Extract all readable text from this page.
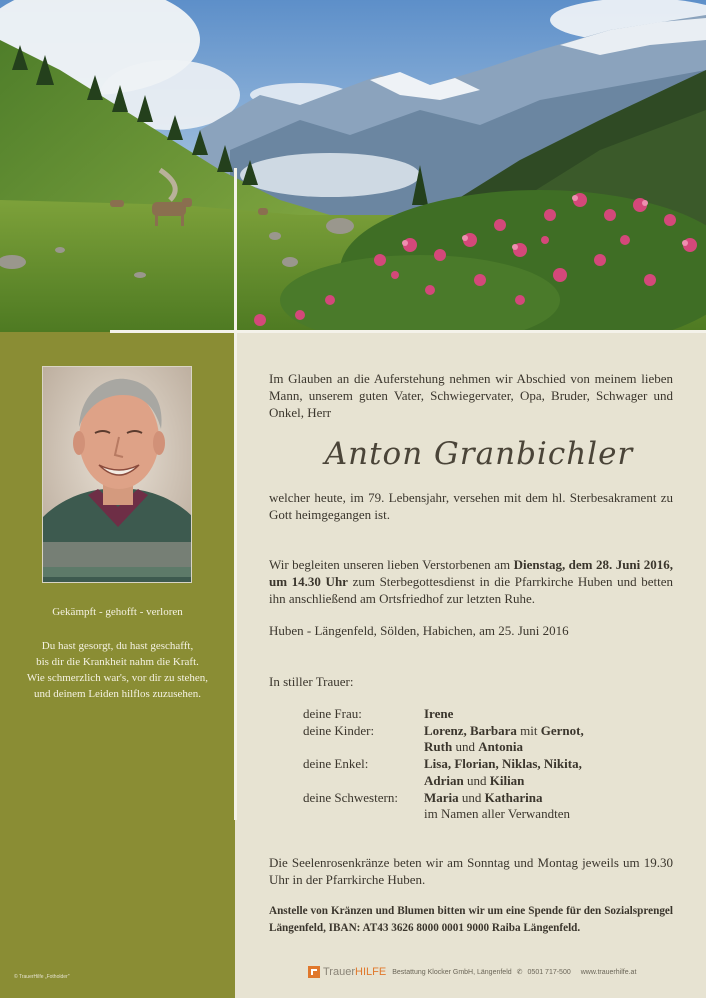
Gekämpft - gehofft - verloren
Du hast gesorgt, du hast geschafft,
bis dir die Krankheit nahm die Kraft.
Wie schmerzlich war's, vor dir zu stehen,
und deinem Leiden hilflos zuzusehen.
© TrauerHilfe „Fotholder"
Im Glauben an die Auferstehung nehmen wir Abschied von meinem lieben Mann, unserem guten Vater, Schwiegervater, Opa, Bruder, Schwager und Onkel, Herr
Anton Granbichler
welcher heute, im 79. Lebensjahr, versehen mit dem hl. Sterbesakrament zu Gott heimgegangen ist.
Wir begleiten unseren lieben Verstorbenen am Dienstag, dem 28. Juni 2016, um 14.30 Uhr zum Sterbegottesdienst in die Pfarrkirche Huben und betten ihn anschließend am Ortsfriedhof zur letzten Ruhe.
Huben - Längenfeld, Sölden, Habichen, am 25. Juni 2016
In stiller Trauer:
deine Frau:	Irene
deine Kinder:	Lorenz, Barbara mit Gernot,
Ruth und Antonia
deine Enkel:	Lisa, Florian, Niklas, Nikita,
Adrian und Kilian
deine Schwestern:	Maria und Katharina
im Namen aller Verwandten
Die Seelenrosenkränze beten wir am Sonntag und Montag jeweils um 19.30 Uhr in der Pfarrkirche Huben.
Anstelle von Kränzen und Blumen bitten wir um eine Spende für den Sozialsprengel Längenfeld, IBAN: AT43 3626 8000 0001 9000 Raiba Längenfeld.
Trauer HILFE Bestattung Klocker GmbH, Längenfeld ✆ 0501 717-500 www.trauerhilfe.at
